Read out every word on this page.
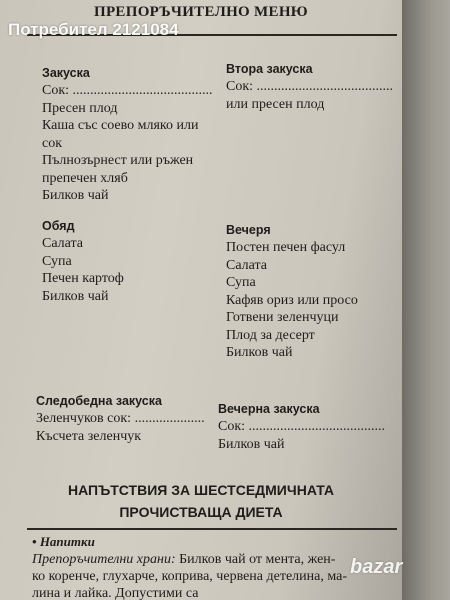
ПРЕПОРЪЧИТЕЛНО МЕНЮ
Закуска
Сок: ........................................
Пресен плод
Каша със соево мляко или
сок
Пълнозърнест или ръжен
препечен хляб
Билков чай
Втора закуска
Сок: .......................................
или пресен плод
Обяд
Салата
Супа
Печен картоф
Билков чай
Вечеря
Постен печен фасул
Салата
Супа
Кафяв ориз или просо
Готвени зеленчуци
Плод за десерт
Билков чай
Следобедна закуска
Зеленчуков сок: ....................
Късчета зеленчук
Вечерна закуска
Сок: .......................................
Билков чай
НАПЪТСТВИЯ ЗА ШЕСТСЕДМИЧНАТА
ПРОЧИСТВАЩА ДИЕТА
• Напитки
Препоръчителни храни: Билков чай от мента, жен-
ко коренче, глухарче, коприва, червена детелина, ма-
лина и лайка. Допустими са
Потребител 2121084
bazar
